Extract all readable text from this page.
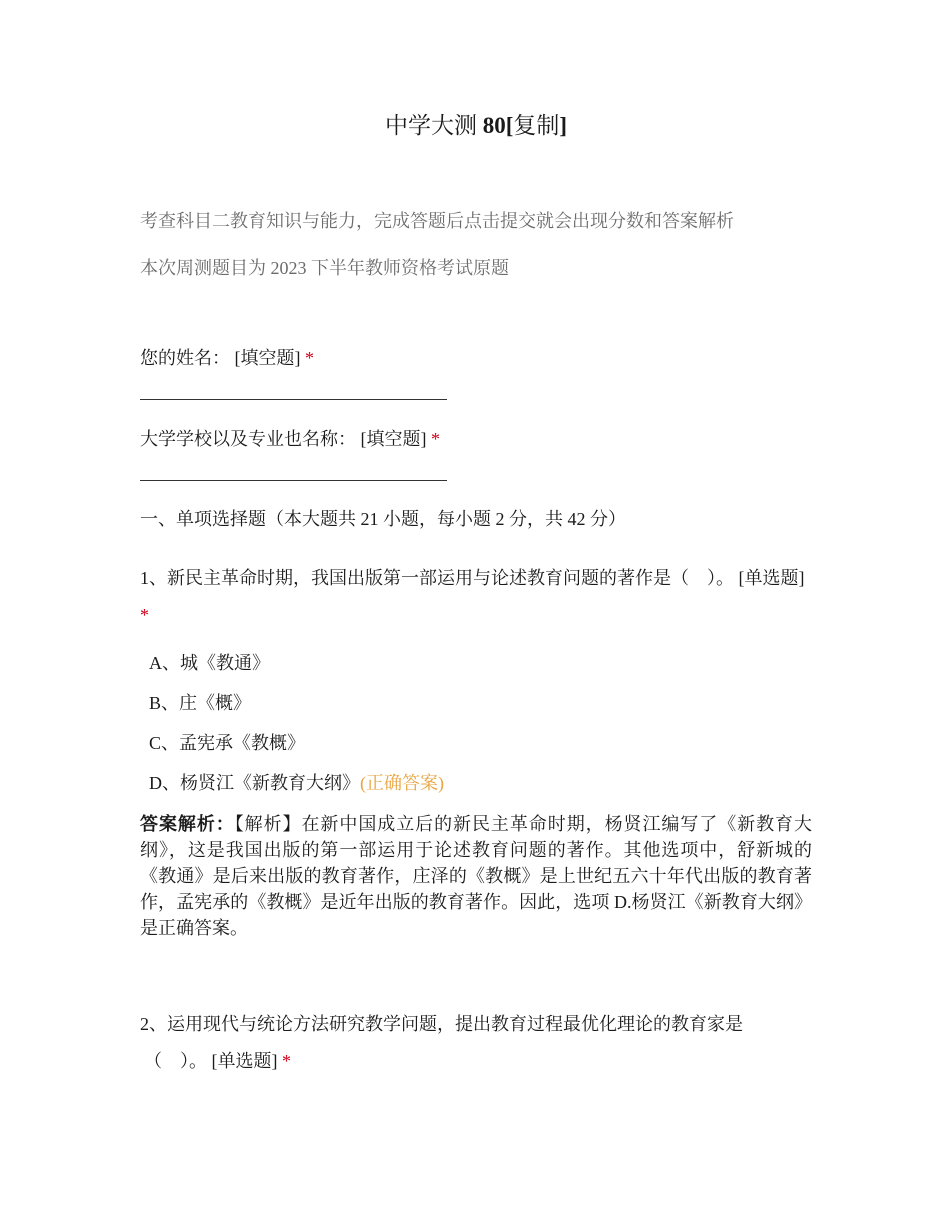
中学大测 80[复制]
考查科目二教育知识与能力，完成答题后点击提交就会出现分数和答案解析
本次周测题目为 2023 下半年教师资格考试原题
您的姓名： [填空题] *
大学学校以及专业也名称： [填空题] *
一、单项选择题（本大题共 21 小题，每小题 2 分，共 42 分）
1、新民主革命时期，我国出版第一部运用与论述教育问题的著作是（　）。 [单选题] *
A、城《教通》
B、庄《概》
C、孟宪承《教概》
D、杨贤江《新教育大纲》(正确答案)
答案解析：【解析】在新中国成立后的新民主革命时期，杨贤江编写了《新教育大纲》，这是我国出版的第一部运用于论述教育问题的著作。其他选项中，舒新城的《教通》是后来出版的教育著作，庄泽的《教概》是上世纪五六十年代出版的教育著作，孟宪承的《教概》是近年出版的教育著作。因此，选项 D.杨贤江《新教育大纲》是正确答案。
2、运用现代与统论方法研究教学问题，提出教育过程最优化理论的教育家是
（　）。 [单选题] *
